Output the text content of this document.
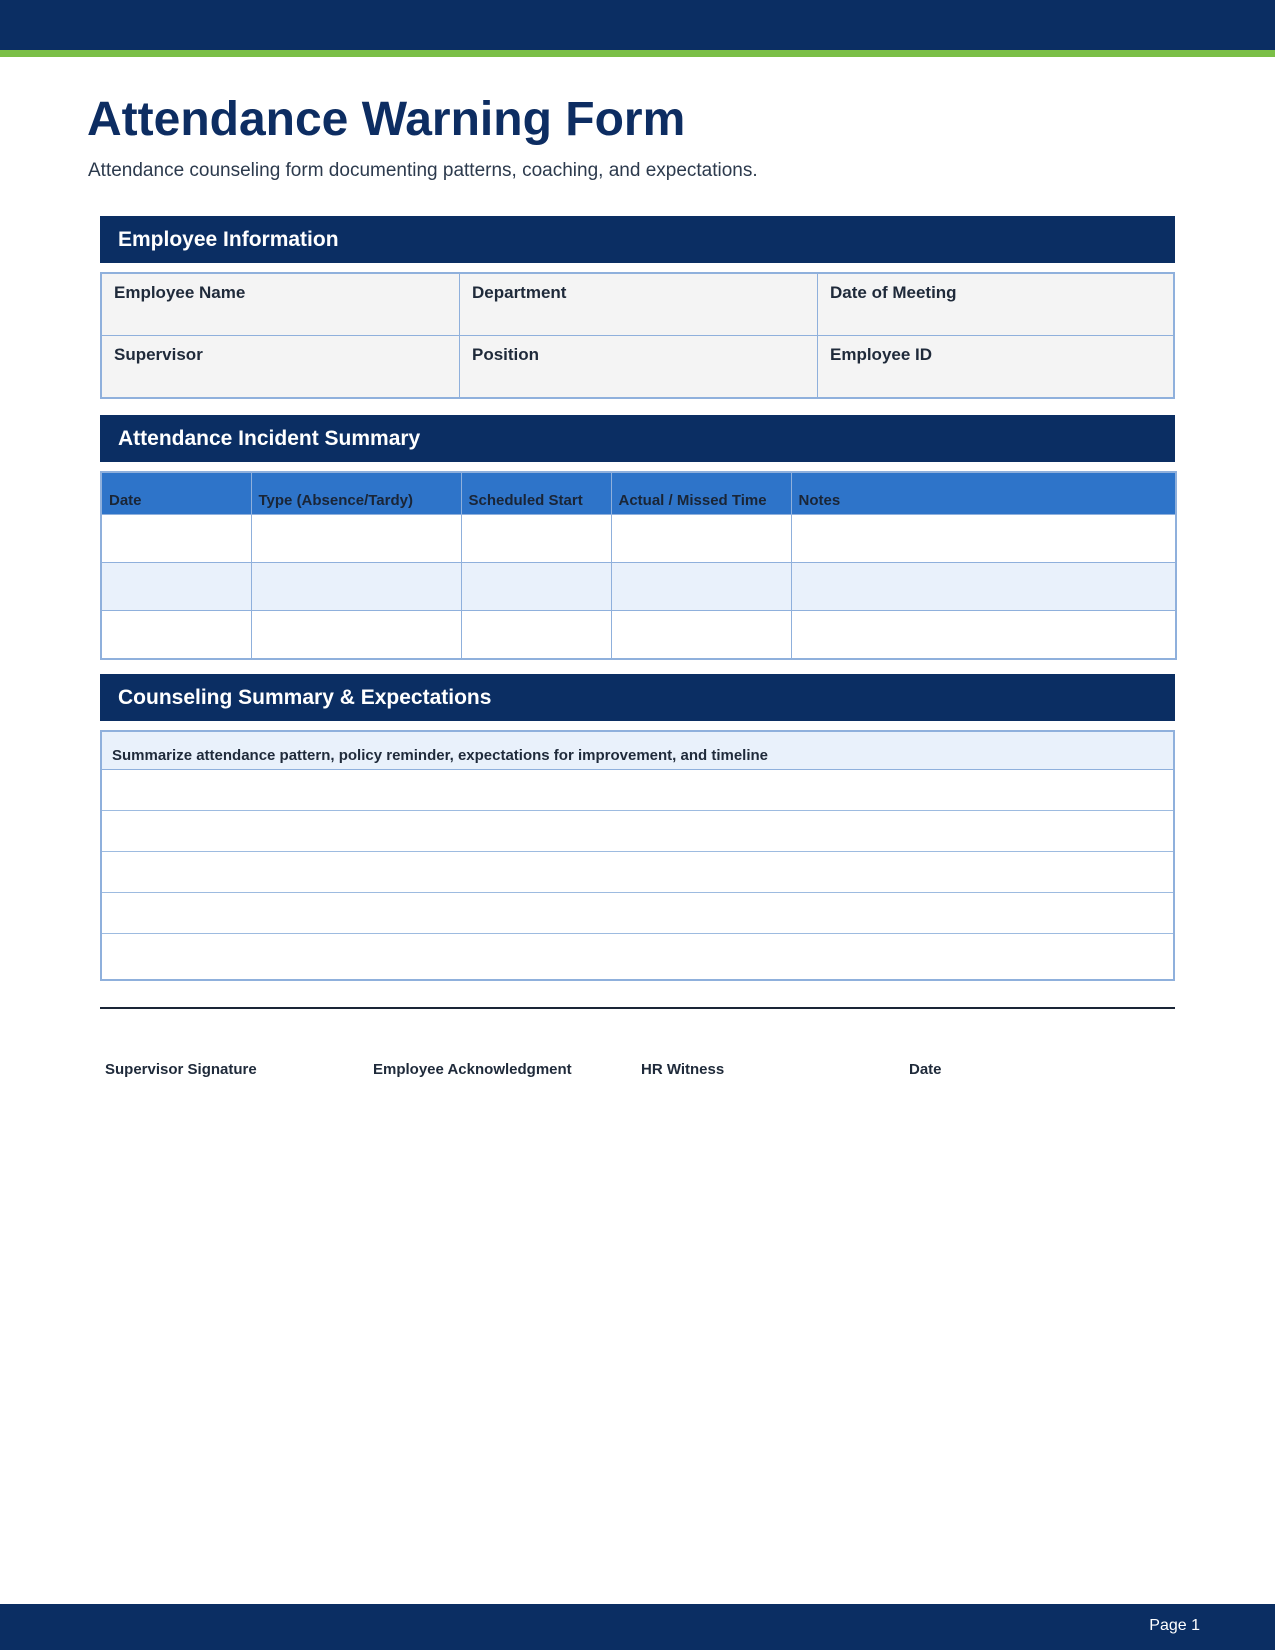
Attendance Warning Form

Attendance counseling form documenting patterns, coaching, and expectations.

Employee Information
Employee Name	Department	Date of Meeting
Supervisor	Position	Employee ID
Attendance Incident Summary
Date	Type (Absence/Tardy)	Scheduled Start	Actual / Missed Time	Notes

Counseling Summary & Expectations
Summarize attendance pattern, policy reminder, expectations for improvement, and timeline
Supervisor Signature	Employee Acknowledgment	HR Witness	Date
Page 1
